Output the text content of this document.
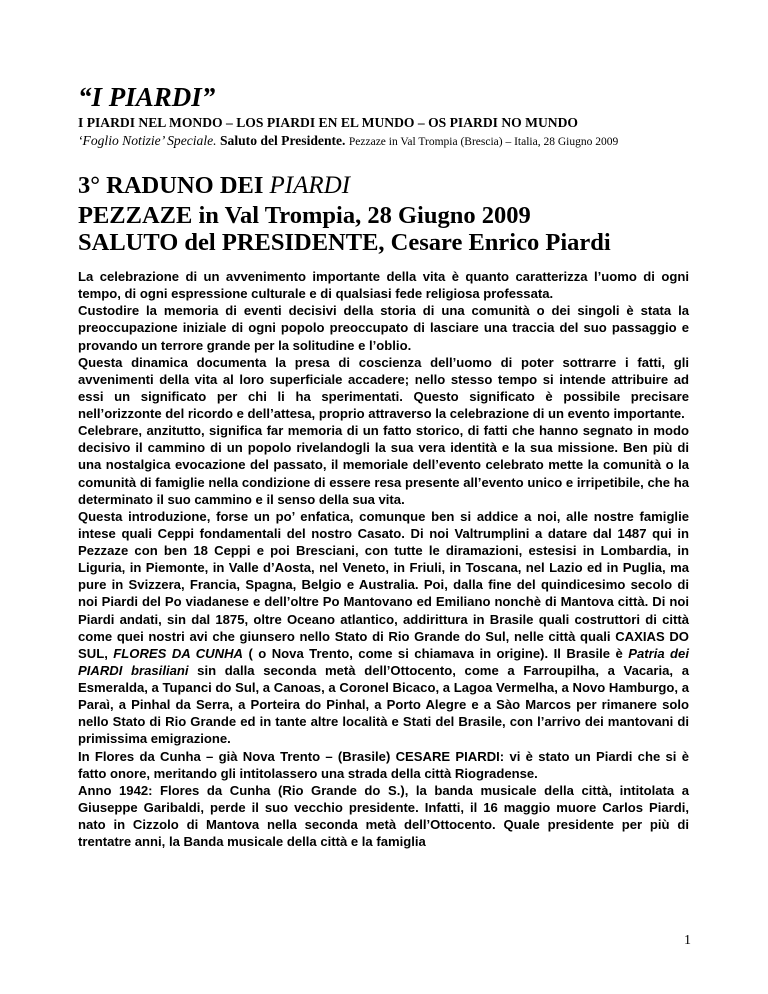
“I PIARDI”
I PIARDI NEL MONDO – LOS PIARDI EN EL MUNDO – OS PIARDI NO MUNDO
‘Foglio Notizie’ Speciale. Saluto del Presidente. Pezzaze in Val Trompia (Brescia) – Italia, 28 Giugno 2009
3° RADUNO DEI PIARDI
PEZZAZE in Val Trompia, 28 Giugno 2009
SALUTO del PRESIDENTE, Cesare Enrico Piardi

La celebrazione di un avvenimento importante della vita è quanto caratterizza l’uomo di ogni tempo, di ogni espressione culturale e di qualsiasi fede religiosa professata.

Custodire la memoria di eventi decisivi della storia di una comunità o dei singoli è stata la preoccupazione iniziale di ogni popolo preoccupato di lasciare una traccia del suo passaggio e provando un terrore grande per la solitudine e l’oblio.

Questa dinamica documenta la presa di coscienza dell’uomo di poter sottrarre i fatti, gli avvenimenti della vita al loro superficiale accadere; nello stesso tempo si intende attribuire ad essi un significato per chi li ha sperimentati. Questo significato è possibile precisare nell’orizzonte del ricordo e dell’attesa, proprio attraverso la celebrazione di un evento importante.

Celebrare, anzitutto, significa far memoria di un fatto storico, di fatti che hanno segnato in modo decisivo il cammino di un popolo rivelandogli la sua vera identità e la sua missione. Ben più di una nostalgica evocazione del passato, il memoriale dell’evento celebrato mette la comunità o la comunità di famiglie nella condizione di essere resa presente all’evento unico e irripetibile, che ha determinato il suo cammino e il senso della sua vita.

Questa introduzione, forse un po’ enfatica, comunque ben si addice a noi, alle nostre famiglie intese quali Ceppi fondamentali del nostro Casato. Di noi Valtrumplini a datare dal 1487 qui in Pezzaze con ben 18 Ceppi e poi Bresciani, con tutte le diramazioni, estesisi in Lombardia, in Liguria, in Piemonte, in Valle d’Aosta, nel Veneto, in Friuli, in Toscana, nel Lazio ed in Puglia, ma pure in Svizzera, Francia, Spagna, Belgio e Australia. Poi, dalla fine del quindicesimo secolo di noi Piardi del Po viadanese e dell’oltre Po Mantovano ed Emiliano nonchè di Mantova città. Di noi Piardi andati, sin dal 1875, oltre Oceano atlantico, addirittura in Brasile quali costruttori di città come quei nostri avi che giunsero nello Stato di Rio Grande do Sul, nelle città quali CAXIAS DO SUL, FLORES DA CUNHA ( o Nova Trento, come si chiamava in origine). Il Brasile è Patria dei PIARDI brasiliani sin dalla seconda metà dell’Ottocento, come a Farroupilha, a Vacaria, a Esmeralda, a Tupanci do Sul, a Canoas, a Coronel Bicaco, a Lagoa Vermelha, a Novo Hamburgo, a Paraì, a Pinhal da Serra, a Porteira do Pinhal, a Porto Alegre e a Sào Marcos per rimanere solo nello Stato di Rio Grande ed in tante altre località e Stati del Brasile, con l’arrivo dei mantovani di primissima emigrazione.

In Flores da Cunha – già Nova Trento – (Brasile) CESARE PIARDI: vi è stato un Piardi che si è fatto onore, meritando gli intitolassero una strada della città Riogradense.

Anno 1942: Flores da Cunha (Rio Grande do S.), la banda musicale della città, intitolata a Giuseppe Garibaldi, perde il suo vecchio presidente. Infatti, il 16 maggio muore Carlos Piardi, nato in Cizzolo di Mantova nella seconda metà dell’Ottocento. Quale presidente per più di trentatre anni, la Banda musicale della città e la famiglia

1
